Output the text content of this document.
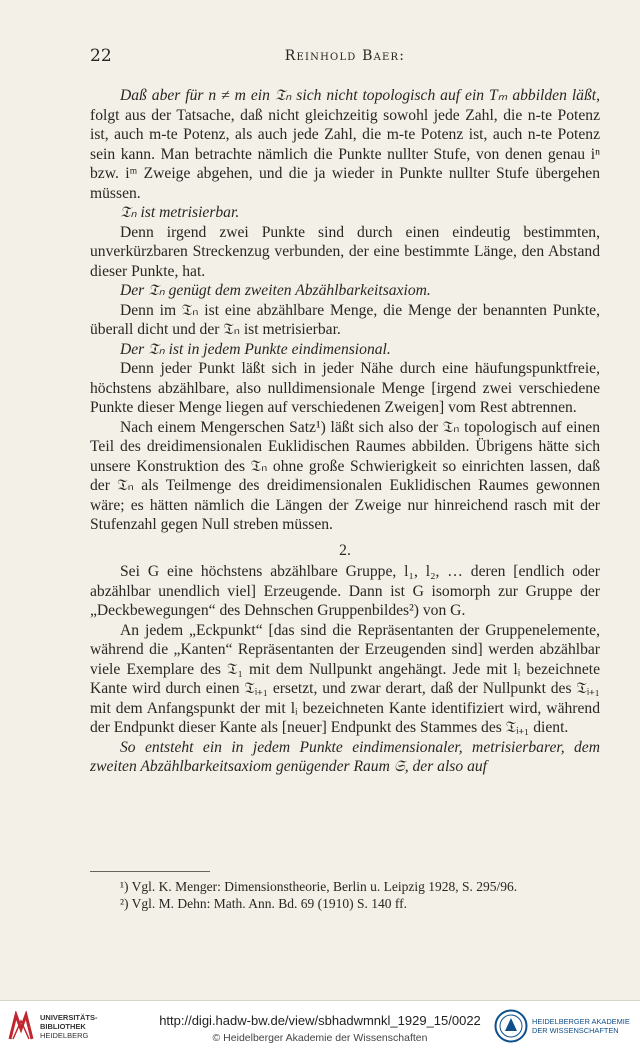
22	Reinhold Baer:

Daß aber für n ≠ m ein 𝔗ₙ sich nicht topologisch auf ein Tₘ abbilden läßt, folgt aus der Tatsache, daß nicht gleichzeitig sowohl jede Zahl, die n-te Potenz ist, auch m-te Potenz, als auch jede Zahl, die m-te Potenz ist, auch n-te Potenz sein kann. Man betrachte nämlich die Punkte nullter Stufe, von denen genau iⁿ bzw. iᵐ Zweige abgehen, und die ja wieder in Punkte nullter Stufe übergehen müssen.

𝔗ₙ ist metrisierbar.

Denn irgend zwei Punkte sind durch einen eindeutig bestimmten, unverkürzbaren Streckenzug verbunden, der eine bestimmte Länge, den Abstand dieser Punkte, hat.

Der 𝔗ₙ genügt dem zweiten Abzählbarkeitsaxiom.

Denn im 𝔗ₙ ist eine abzählbare Menge, die Menge der benannten Punkte, überall dicht und der 𝔗ₙ ist metrisierbar.

Der 𝔗ₙ ist in jedem Punkte eindimensional.

Denn jeder Punkt läßt sich in jeder Nähe durch eine häufungspunktfreie, höchstens abzählbare, also nulldimensionale Menge [irgend zwei verschiedene Punkte dieser Menge liegen auf verschiedenen Zweigen] vom Rest abtrennen.

Nach einem Mengerschen Satz¹) läßt sich also der 𝔗ₙ topologisch auf einen Teil des dreidimensionalen Euklidischen Raumes abbilden. Übrigens hätte sich unsere Konstruktion des 𝔗ₙ ohne große Schwierigkeit so einrichten lassen, daß der 𝔗ₙ als Teilmenge des dreidimensionalen Euklidischen Raumes gewonnen wäre; es hätten nämlich die Längen der Zweige nur hinreichend rasch mit der Stufenzahl gegen Null streben müssen.

2.

Sei G eine höchstens abzählbare Gruppe, l₁, l₂, … deren [endlich oder abzählbar unendlich viel] Erzeugende. Dann ist G isomorph zur Gruppe der „Deckbewegungen“ des Dehnschen Gruppenbildes²) von G.

An jedem „Eckpunkt“ [das sind die Repräsentanten der Gruppenelemente, während die „Kanten“ Repräsentanten der Erzeugenden sind] werden abzählbar viele Exemplare des 𝔗₁ mit dem Nullpunkt angehängt. Jede mit lᵢ bezeichnete Kante wird durch einen 𝔗ᵢ₊₁ ersetzt, und zwar derart, daß der Nullpunkt des 𝔗ᵢ₊₁ mit dem Anfangspunkt der mit lᵢ bezeichneten Kante identifiziert wird, während der Endpunkt dieser Kante als [neuer] Endpunkt des Stammes des 𝔗ᵢ₊₁ dient.

So entsteht ein in jedem Punkte eindimensionaler, metrisierbarer, dem zweiten Abzählbarkeitsaxiom genügender Raum 𝔖, der also auf

¹) Vgl. K. Menger: Dimensionstheorie, Berlin u. Leipzig 1928, S. 295/96.
²) Vgl. M. Dehn: Math. Ann. Bd. 69 (1910) S. 140 ff.
UNIVERSITÄTS-
BIBLIOTHEK
HEIDELBERG
http://digi.hadw-bw.de/view/sbhadwmnkl_1929_15/0022
© Heidelberger Akademie der Wissenschaften
HEIDELBERGER AKADEMIE
DER WISSENSCHAFTEN
